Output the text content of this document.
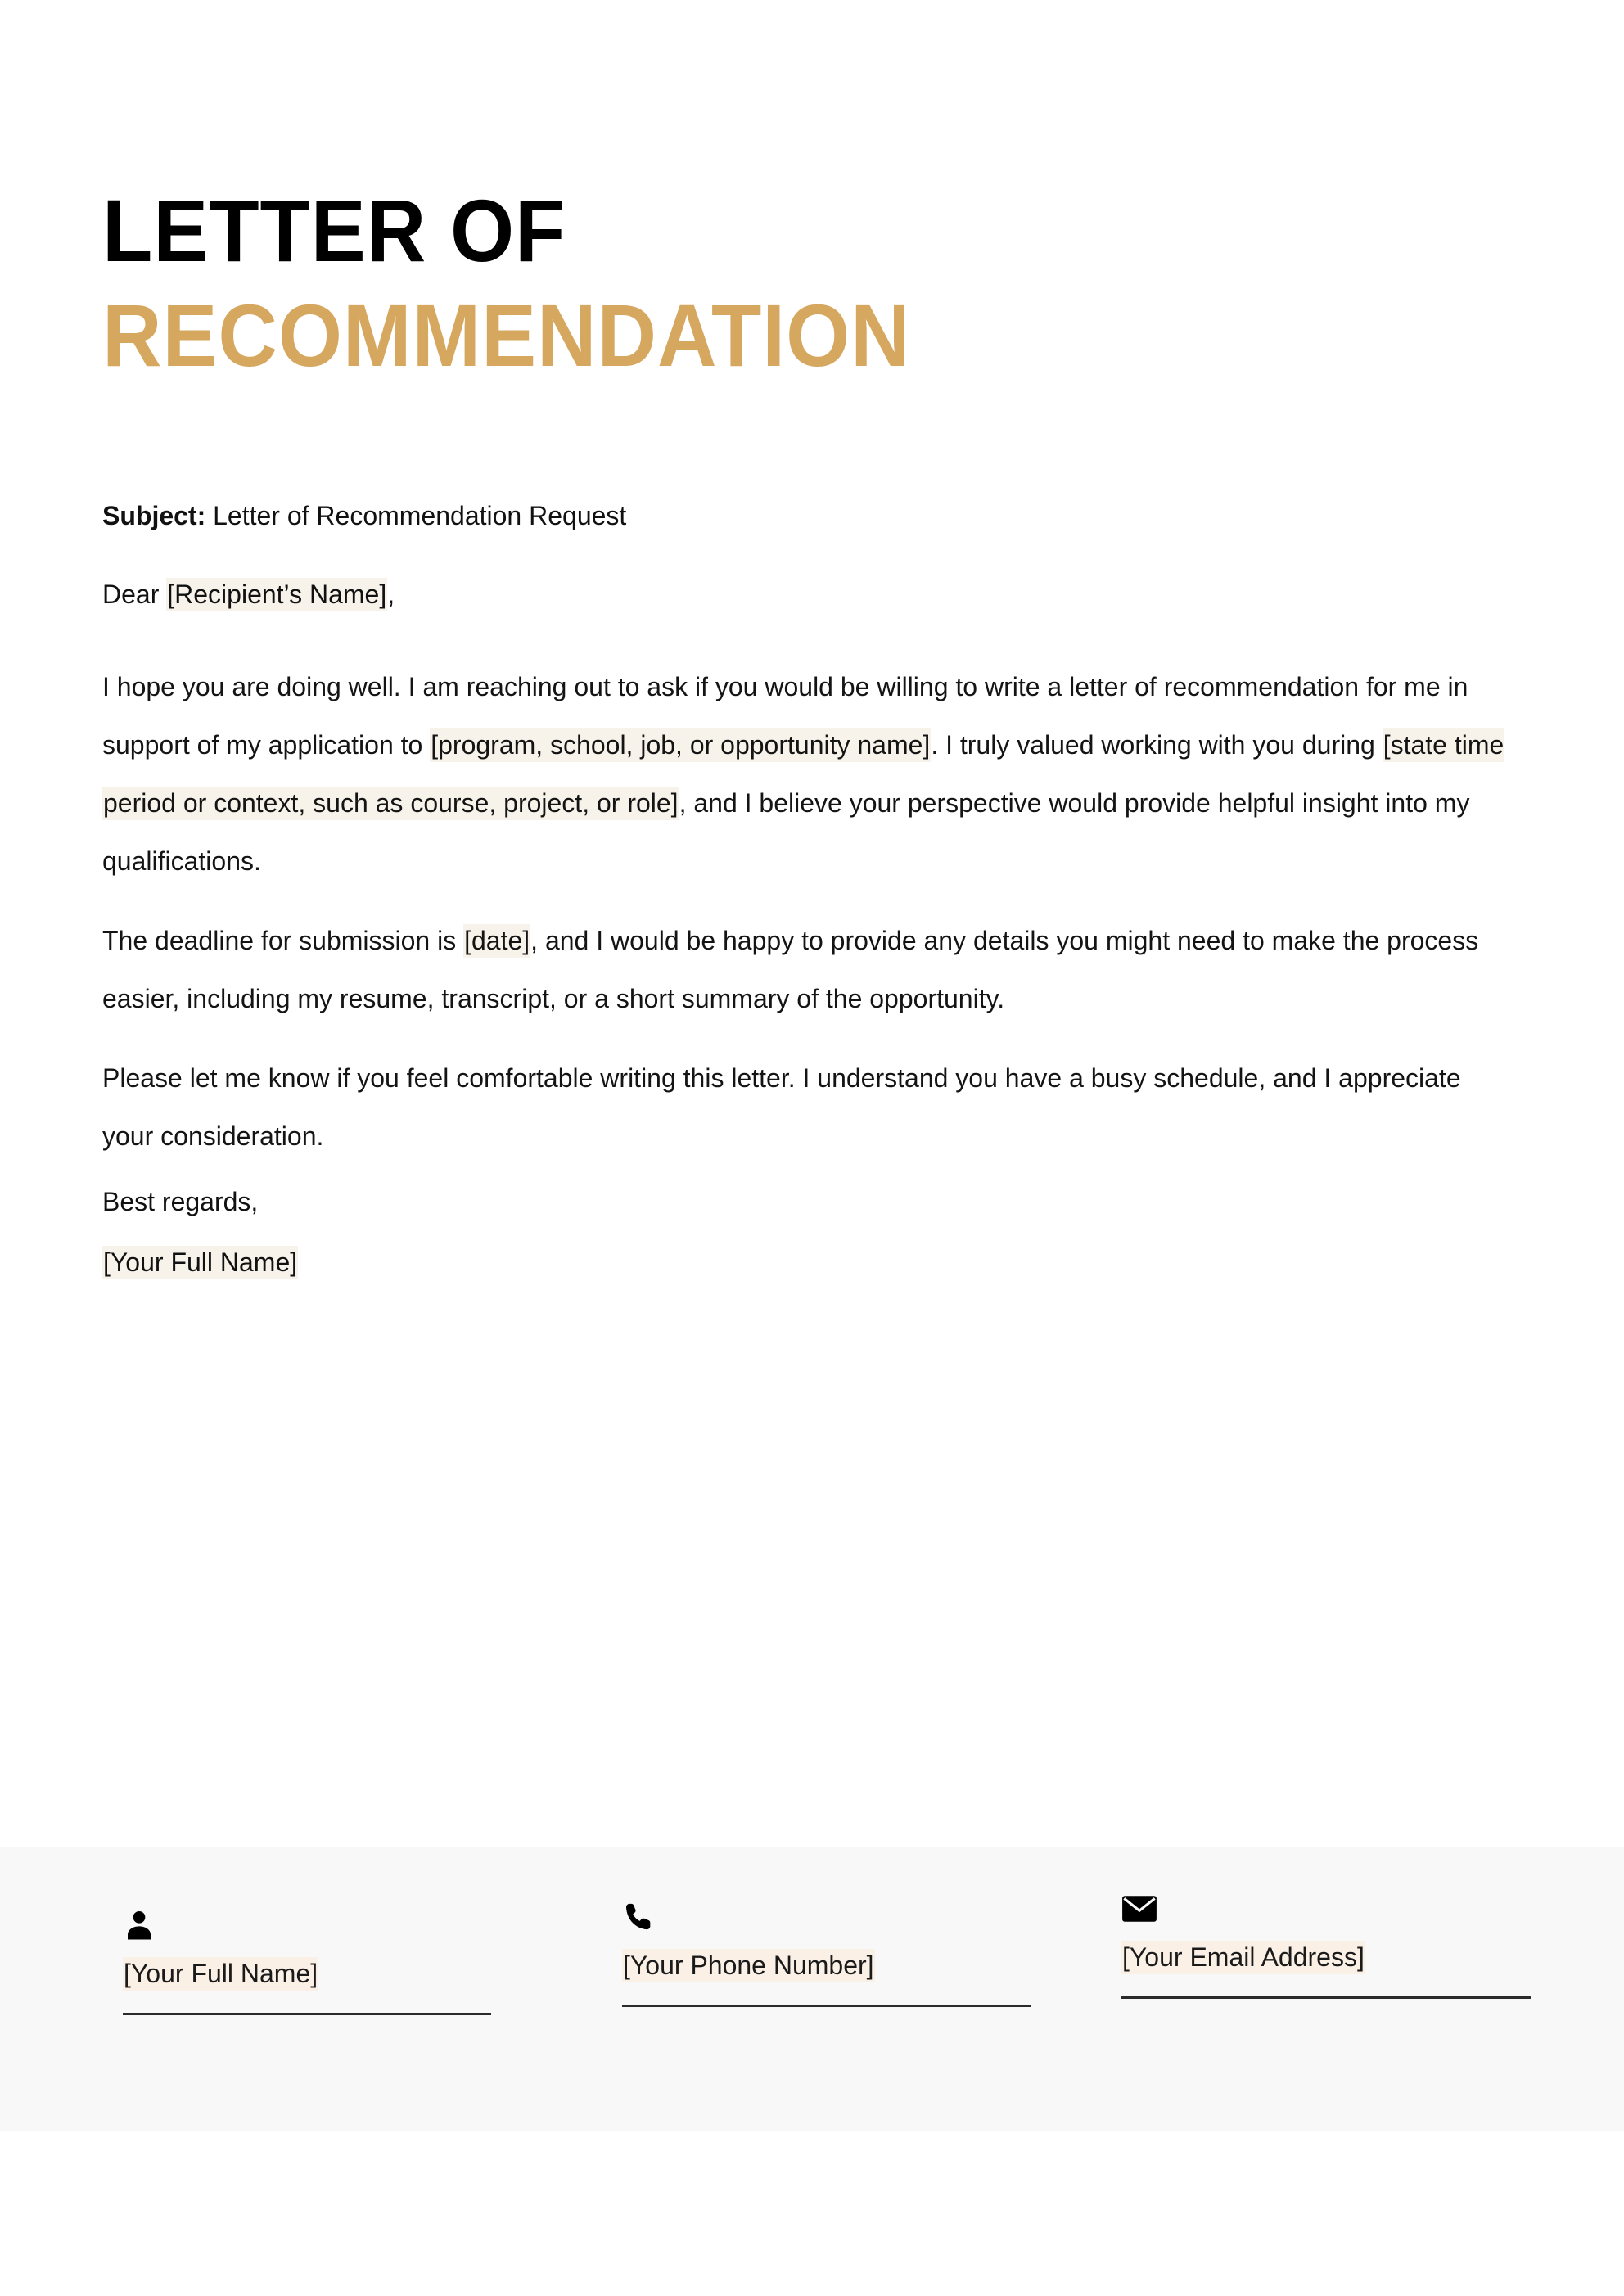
LETTER OF
RECOMMENDATION

Subject: Letter of Recommendation Request

Dear [Recipient’s Name],

I hope you are doing well. I am reaching out to ask if you would be willing to write a letter of recommendation for me in support of my application to [program, school, job, or opportunity name]. I truly valued working with you during [state time period or context, such as course, project, or role], and I believe your perspective would provide helpful insight into my qualifications.

The deadline for submission is [date], and I would be happy to provide any details you might need to make the process easier, including my resume, transcript, or a short summary of the opportunity.

Please let me know if you feel comfortable writing this letter. I understand you have a busy schedule, and I appreciate your consideration.

Best regards,

[Your Full Name]

[Your Full Name]	[Your Phone Number]	[Your Email Address]
